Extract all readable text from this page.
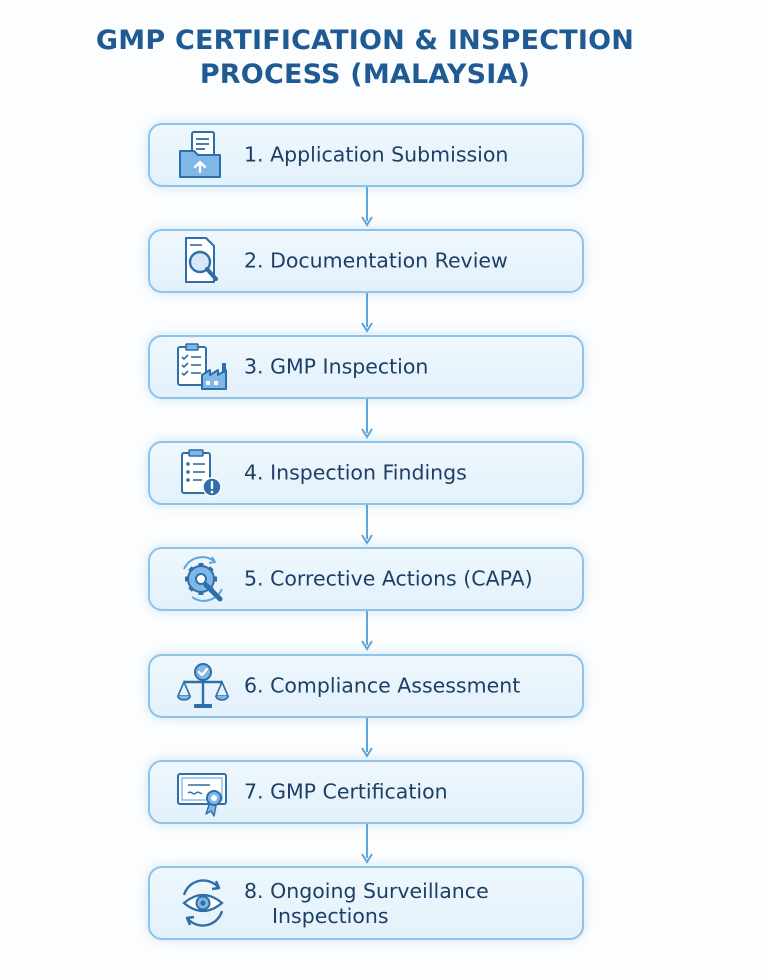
GMP CERTIFICATION & INSPECTION
PROCESS (MALAYSIA)
1. Application Submission
2. Documentation Review
3. GMP Inspection
4. Inspection Findings
5. Corrective Actions (CAPA)
6. Compliance Assessment
7. GMP Certification
8. Ongoing Surveillance
Inspections
